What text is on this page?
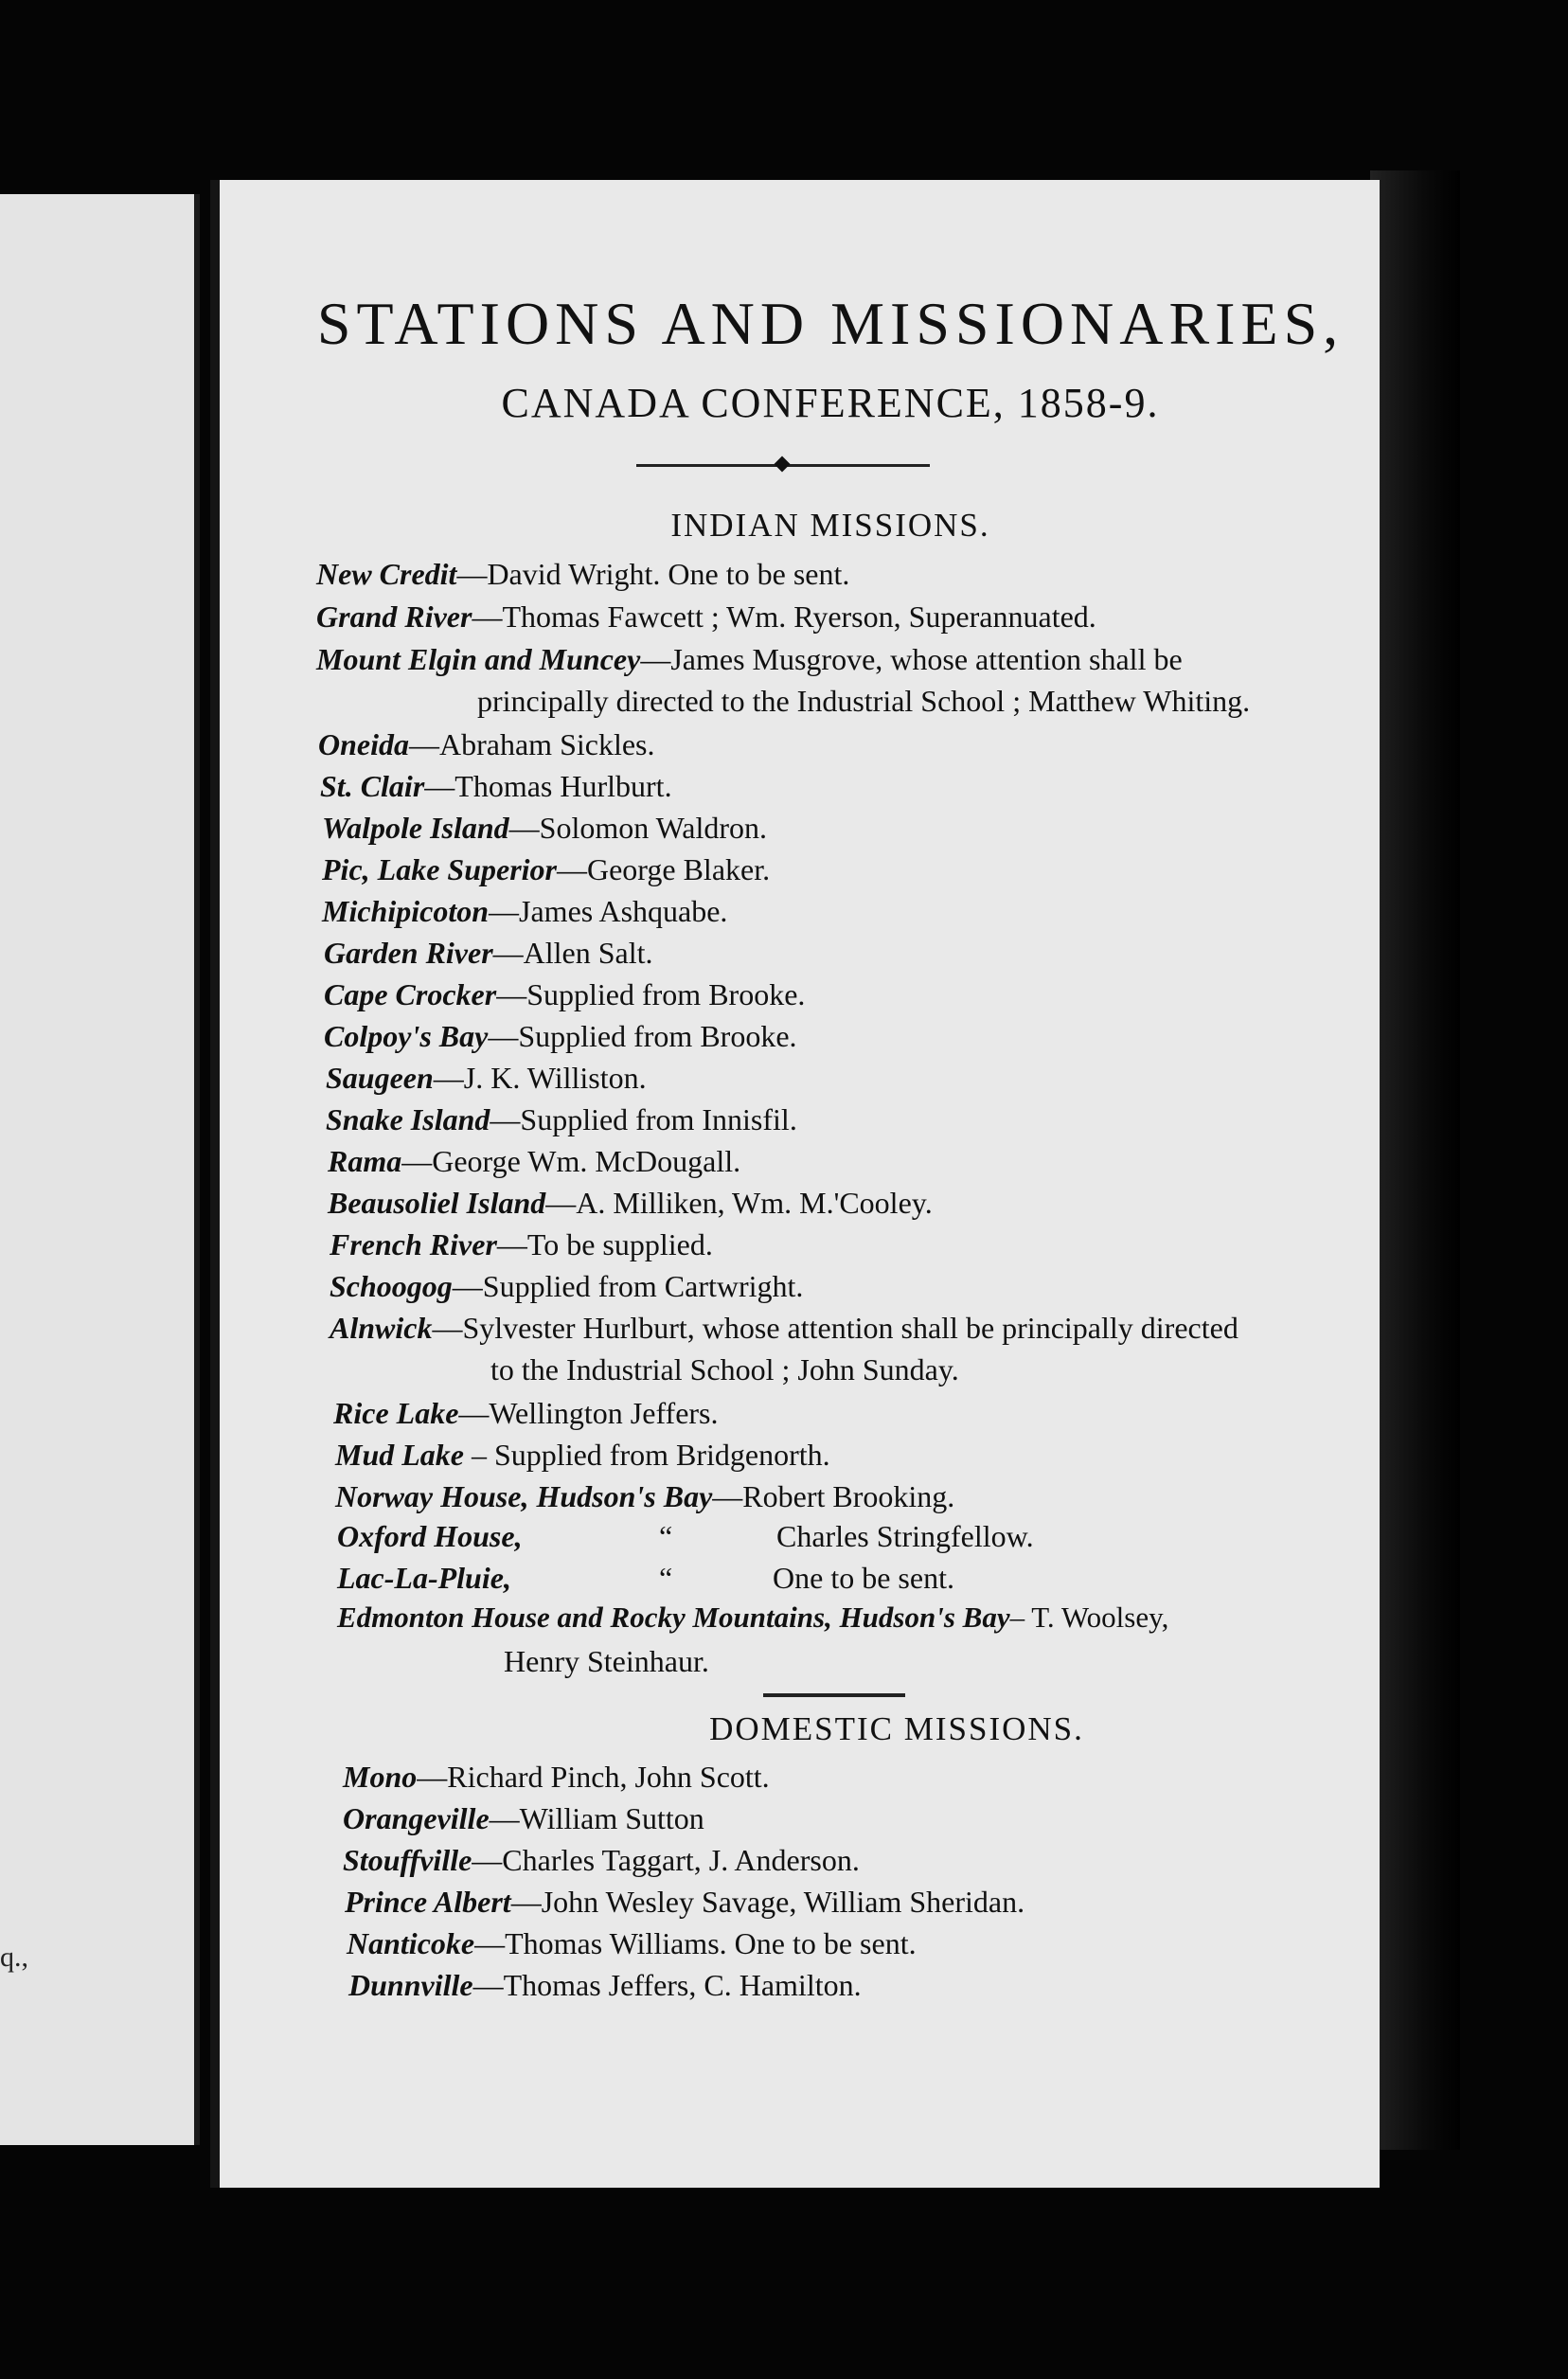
q.,
STATIONS AND MISSIONARIES,
CANADA CONFERENCE, 1858-9.
INDIAN MISSIONS.
New Credit—David Wright. One to be sent.
Grand River—Thomas Fawcett ; Wm. Ryerson, Superannuated.
Mount Elgin and Muncey—James Musgrove, whose attention shall be
principally directed to the Industrial School ; Matthew Whiting.
Oneida—Abraham Sickles.
St. Clair—Thomas Hurlburt.
Walpole Island—Solomon Waldron.
Pic, Lake Superior—George Blaker.
Michipicoton—James Ashquabe.
Garden River—Allen Salt.
Cape Crocker—Supplied from Brooke.
Colpoy's Bay—Supplied from Brooke.
Saugeen—J. K. Williston.
Snake Island—Supplied from Innisfil.
Rama—George Wm. McDougall.
Beausoliel Island—A. Milliken, Wm. M.'Cooley.
French River—To be supplied.
Schoogog—Supplied from Cartwright.
Alnwick—Sylvester Hurlburt, whose attention shall be principally directed
to the Industrial School ; John Sunday.
Rice Lake—Wellington Jeffers.
Mud Lake – Supplied from Bridgenorth.
Norway House, Hudson's Bay—Robert Brooking.
Oxford House,	“	Charles Stringfellow.
Lac-La-Pluie,	“	One to be sent.
Edmonton House and Rocky Mountains, Hudson's Bay– T. Woolsey,
Henry Steinhaur.
DOMESTIC MISSIONS.
Mono—Richard Pinch, John Scott.
Orangeville—William Sutton
Stouffville—Charles Taggart, J. Anderson.
Prince Albert—John Wesley Savage, William Sheridan.
Nanticoke—Thomas Williams. One to be sent.
Dunnville—Thomas Jeffers, C. Hamilton.
